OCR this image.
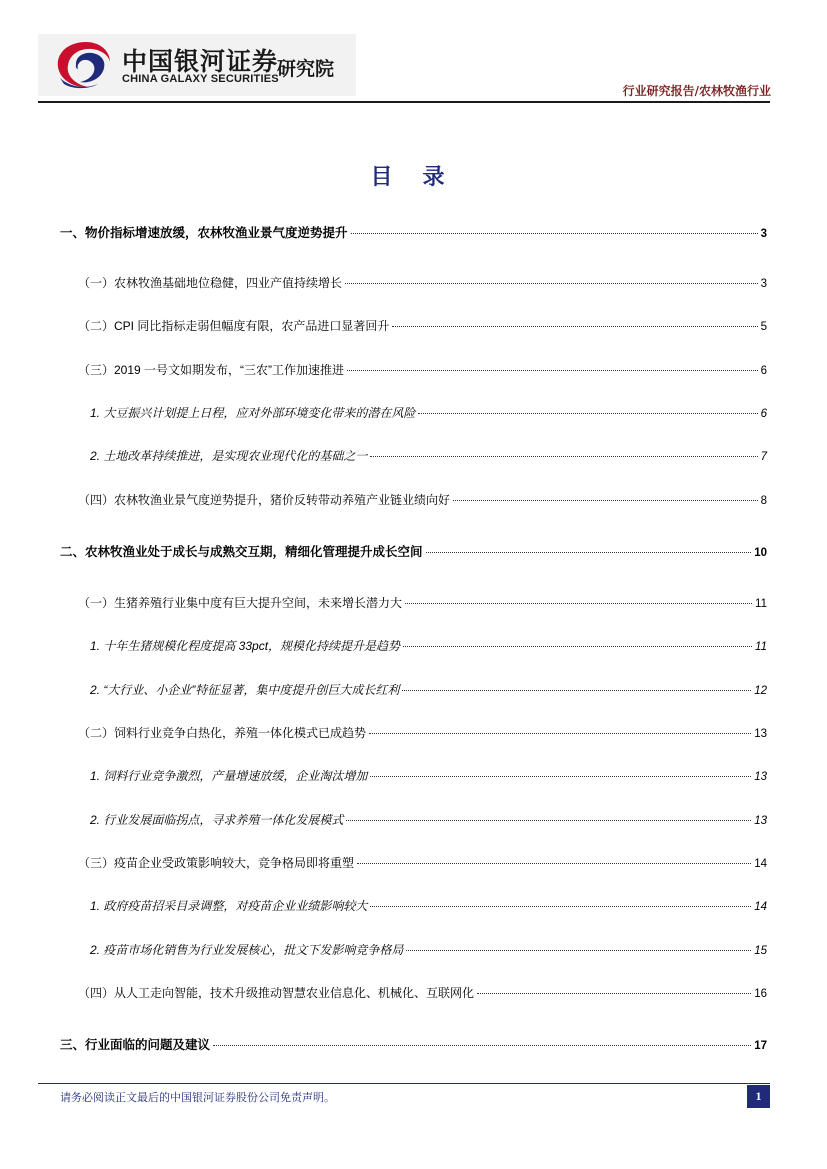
中国银河证券
CHINA GALAXY SECURITIES
研究院
行业研究报告/农林牧渔行业
目 录
一、物价指标增速放缓，农林牧渔业景气度逆势提升	3
（一）农林牧渔基础地位稳健，四业产值持续增长	3
（二）CPI 同比指标走弱但幅度有限，农产品进口显著回升	5
（三）2019 一号文如期发布，“三农”工作加速推进	6
1. 大豆振兴计划提上日程，应对外部环境变化带来的潜在风险	6
2. 土地改革持续推进，是实现农业现代化的基础之一	7
（四）农林牧渔业景气度逆势提升，猪价反转带动养殖产业链业绩向好	8
二、农林牧渔业处于成长与成熟交互期，精细化管理提升成长空间	10
（一）生猪养殖行业集中度有巨大提升空间，未来增长潜力大	11
1. 十年生猪规模化程度提高 33pct，规模化持续提升是趋势	11
2. “大行业、小企业”特征显著，集中度提升创巨大成长红利	12
（二）饲料行业竞争白热化，养殖一体化模式已成趋势	13
1. 饲料行业竞争激烈，产量增速放缓，企业淘汰增加	13
2. 行业发展面临拐点，寻求养殖一体化发展模式	13
（三）疫苗企业受政策影响较大，竞争格局即将重塑	14
1. 政府疫苗招采目录调整，对疫苗企业业绩影响较大	14
2. 疫苗市场化销售为行业发展核心，批文下发影响竞争格局	15
（四）从人工走向智能，技术升级推动智慧农业信息化、机械化、互联网化	16
三、行业面临的问题及建议	17
请务必阅读正文最后的中国银河证券股份公司免责声明。	1
